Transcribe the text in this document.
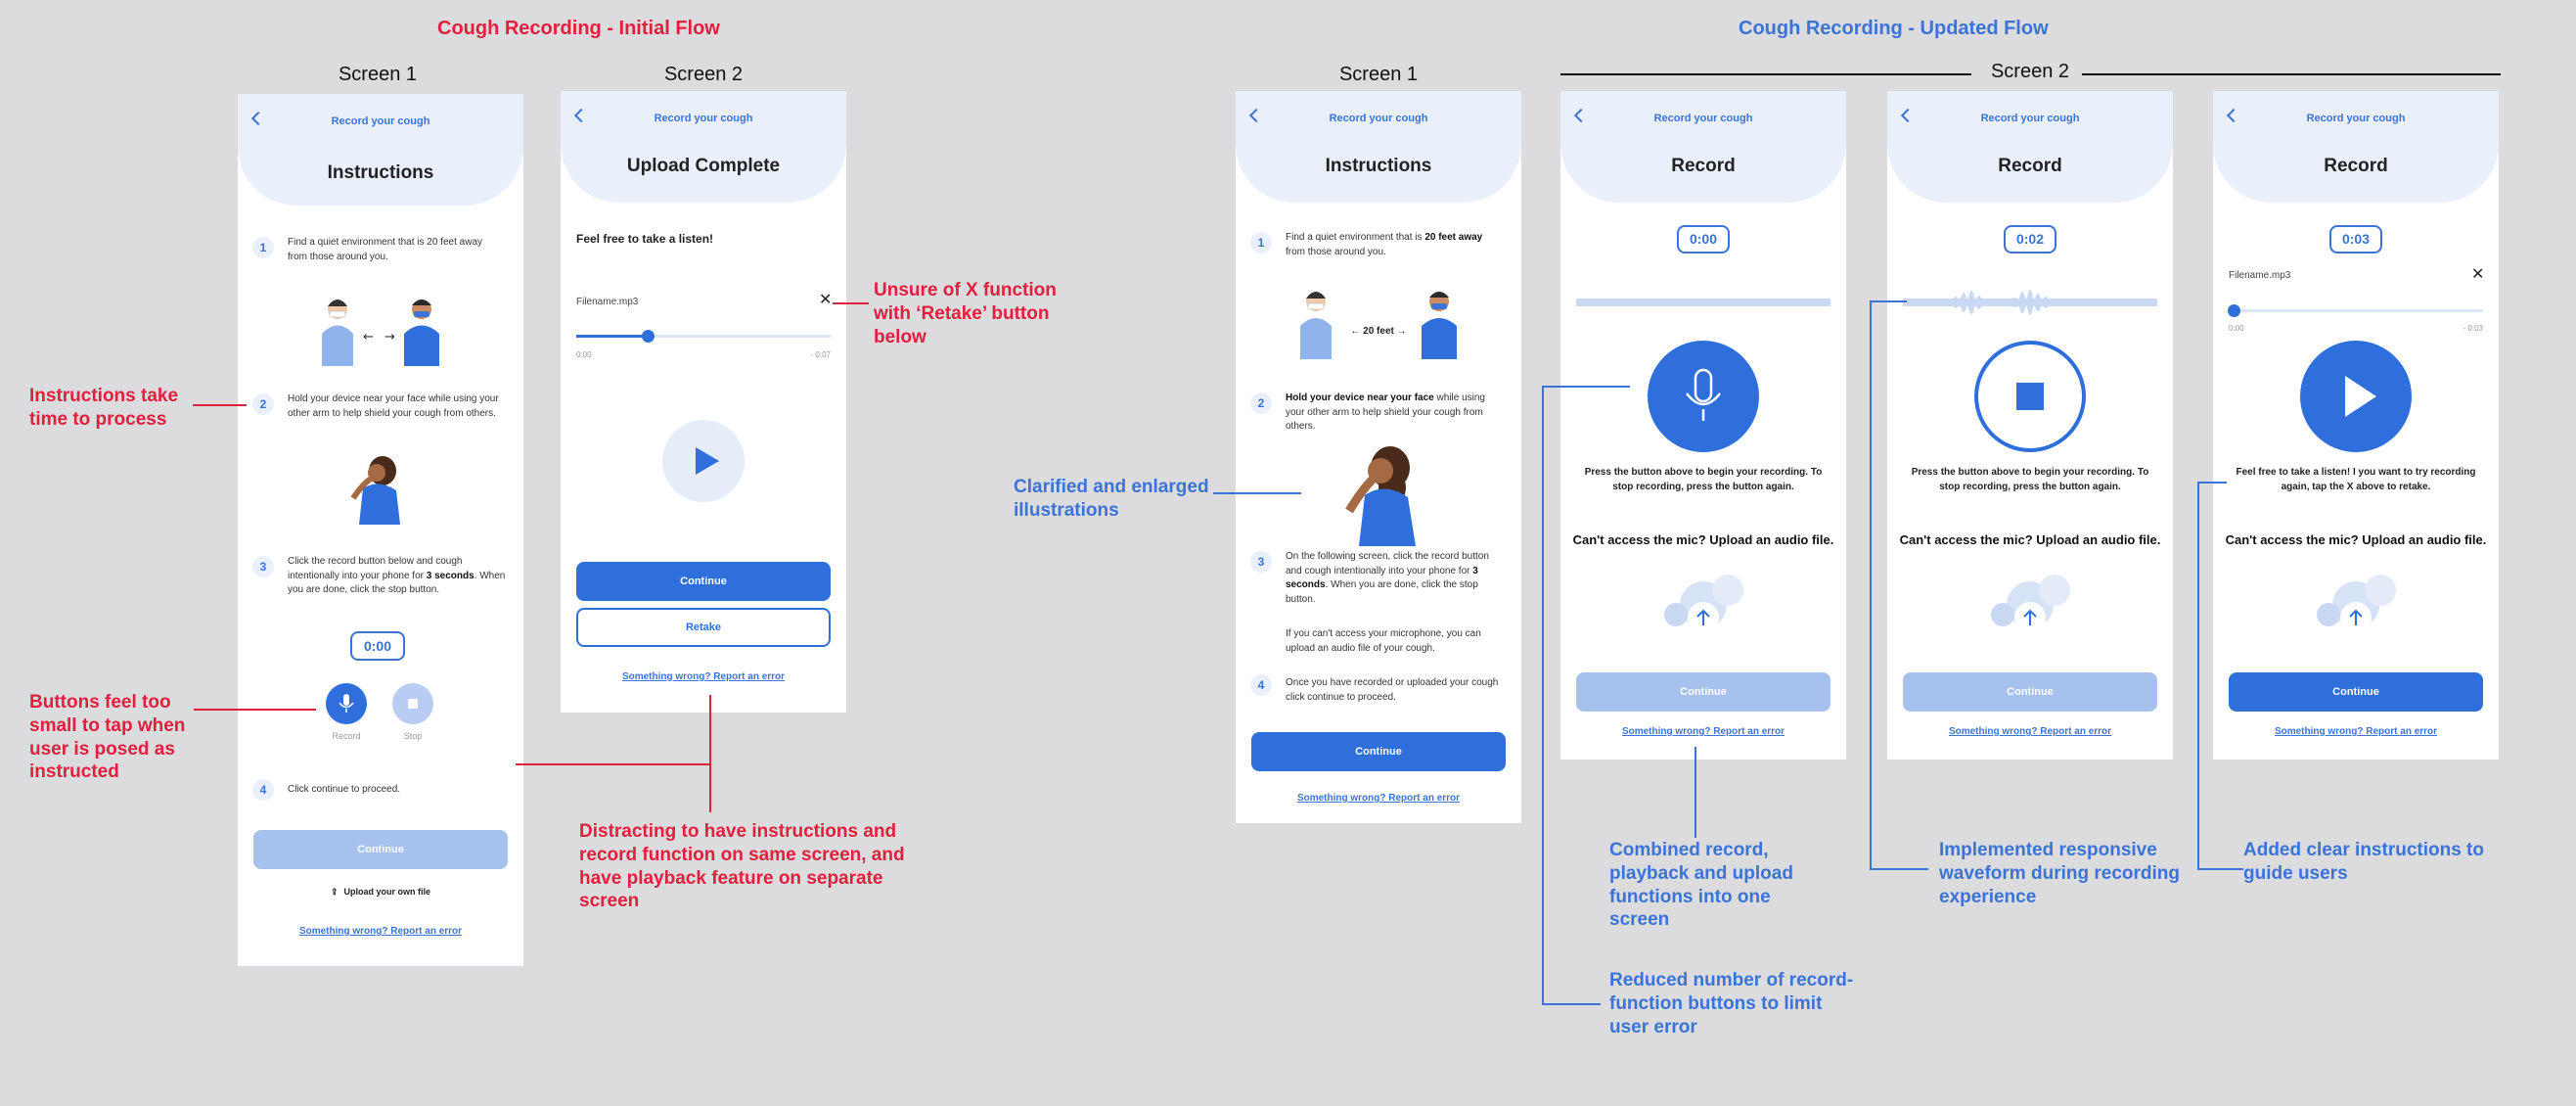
Cough Recording - Initial Flow	Cough Recording - Updated Flow
Screen 1	Screen 2	Screen 1	Screen 2
Record your cough
Instructions
1	Find a quiet environment that is 20 feet away from those around you.
← →
2	Hold your device near your face while using your other arm to help shield your cough from others.
3	Click the record button below and cough intentionally into your phone for 3 seconds. When you are done, click the stop button.
0:00
Record	Stop
4	Click continue to proceed.
Continue
⇪ Upload your own file
Something wrong? Report an error
Record your cough
Upload Complete
Feel free to take a listen!
Filename.mp3	✕
0:00	- 0:07
Continue
Retake
Something wrong? Report an error
Record your cough
Instructions
1	Find a quiet environment that is 20 feet away from those around you.
← 20 feet →
2	Hold your device near your face while using your other arm to help shield your cough from others.
3	On the following screen, click the record button and cough intentionally into your phone for 3 seconds. When you are done, click the stop button.
If you can't access your microphone, you can upload an audio file of your cough.
4	Once you have recorded or uploaded your cough click continue to proceed.
Continue
Something wrong? Report an error
Record your cough
Record
0:00
Press the button above to begin your recording. To stop recording, press the button again.
Can't access the mic? Upload an audio file.
Continue
Something wrong? Report an error
Record your cough
Record
0:02
Press the button above to begin your recording. To stop recording, press the button again.
Can't access the mic? Upload an audio file.
Continue
Something wrong? Report an error
Record your cough
Record
0:03
Filename.mp3	✕
0:00	- 0:03
Feel free to take a listen! I you want to try recording again, tap the X above to retake.
Can't access the mic? Upload an audio file.
Continue
Something wrong? Report an error
Instructions take time to process
Buttons feel too small to tap when user is posed as instructed
Unsure of X function with ‘Retake’ button below
Distracting to have instructions and record function on same screen, and have playback feature on separate screen
Clarified and enlarged illustrations
Combined record, playback and upload functions into one screen
Reduced number of record-function buttons to limit user error
Implemented responsive waveform during recording experience
Added clear instructions to guide users
